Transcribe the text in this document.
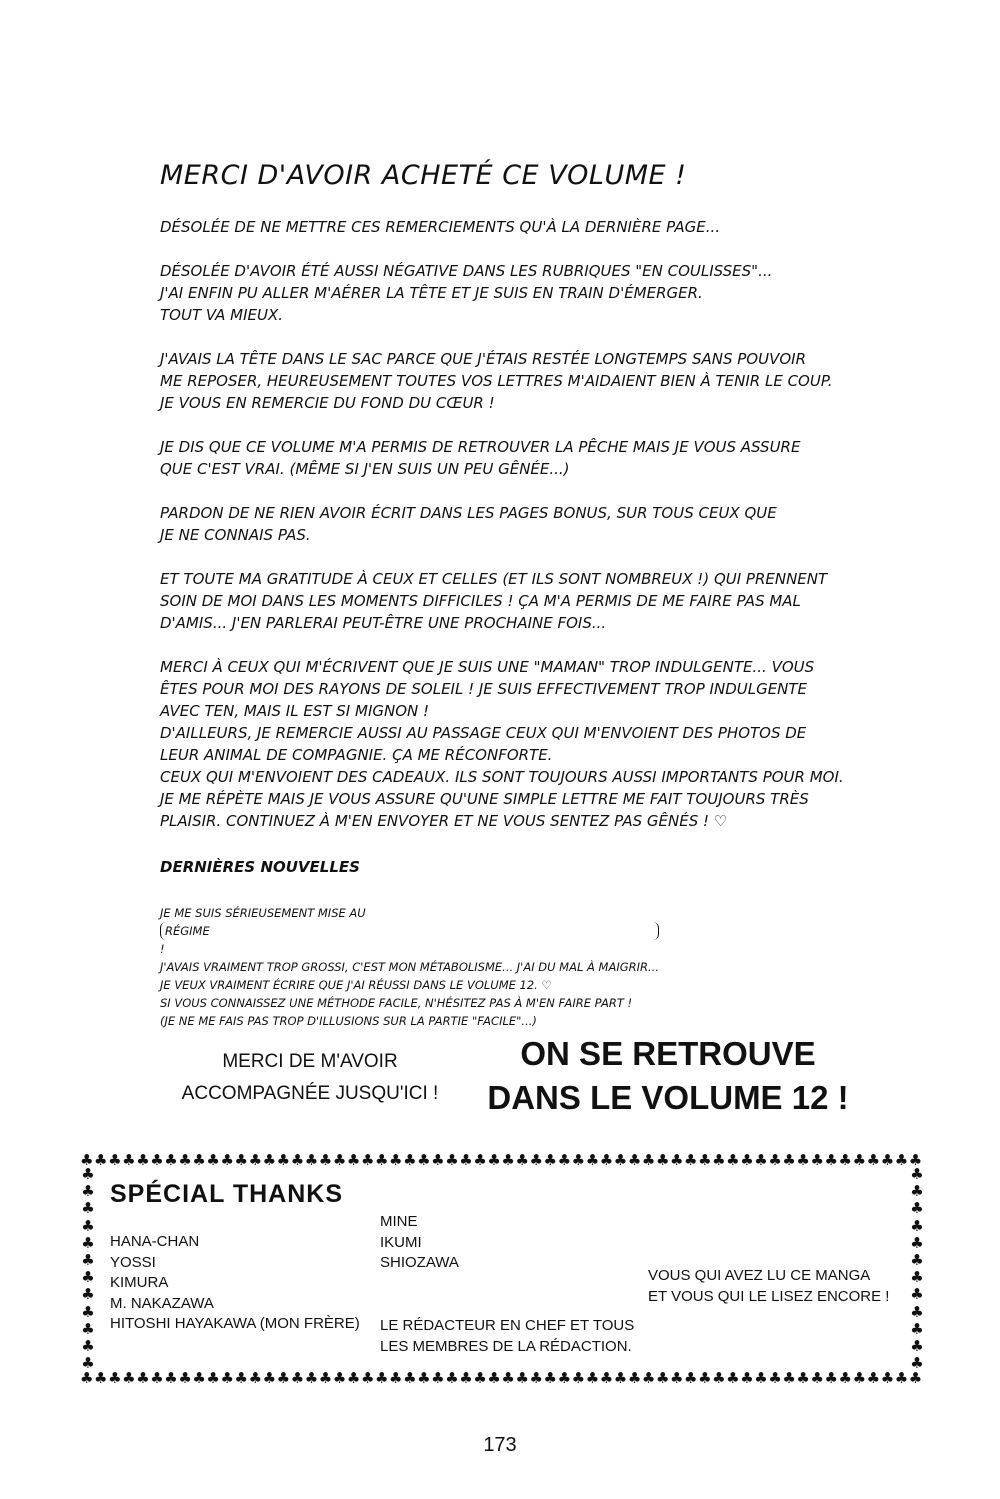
MERCI D'AVOIR ACHETÉ CE VOLUME !
DÉSOLÉE DE NE METTRE CES REMERCIEMENTS QU'À LA DERNIÈRE PAGE...
DÉSOLÉE D'AVOIR ÉTÉ AUSSI NÉGATIVE DANS LES RUBRIQUES "EN COULISSES"...
J'AI ENFIN PU ALLER M'AÉRER LA TÊTE ET JE SUIS EN TRAIN D'ÉMERGER.
TOUT VA MIEUX.
J'AVAIS LA TÊTE DANS LE SAC PARCE QUE J'ÉTAIS RESTÉE LONGTEMPS SANS POUVOIR
ME REPOSER, HEUREUSEMENT TOUTES VOS LETTRES M'AIDAIENT BIEN À TENIR LE COUP.
JE VOUS EN REMERCIE DU FOND DU CŒUR !
JE DIS QUE CE VOLUME M'A PERMIS DE RETROUVER LA PÊCHE MAIS JE VOUS ASSURE
QUE C'EST VRAI. (MÊME SI J'EN SUIS UN PEU GÊNÉE...)
PARDON DE NE RIEN AVOIR ÉCRIT DANS LES PAGES BONUS, SUR TOUS CEUX QUE
JE NE CONNAIS PAS.
ET TOUTE MA GRATITUDE À CEUX ET CELLES (ET ILS SONT NOMBREUX !) QUI PRENNENT
SOIN DE MOI DANS LES MOMENTS DIFFICILES ! ÇA M'A PERMIS DE ME FAIRE PAS MAL
D'AMIS... J'EN PARLERAI PEUT-ÊTRE UNE PROCHAINE FOIS...
MERCI À CEUX QUI M'ÉCRIVENT QUE JE SUIS UNE "MAMAN" TROP INDULGENTE... VOUS
ÊTES POUR MOI DES RAYONS DE SOLEIL ! JE SUIS EFFECTIVEMENT TROP INDULGENTE
AVEC TEN, MAIS IL EST SI MIGNON !
D'AILLEURS, JE REMERCIE AUSSI AU PASSAGE CEUX QUI M'ENVOIENT DES PHOTOS DE
LEUR ANIMAL DE COMPAGNIE. ÇA ME RÉCONFORTE.
CEUX QUI M'ENVOIENT DES CADEAUX. ILS SONT TOUJOURS AUSSI IMPORTANTS POUR MOI.
JE ME RÉPÈTE MAIS JE VOUS ASSURE QU'UNE SIMPLE LETTRE ME FAIT TOUJOURS TRÈS
PLAISIR. CONTINUEZ À M'EN ENVOYER ET NE VOUS SENTEZ PAS GÊNÉS ! ♡
DERNIÈRES NOUVELLES
JE ME SUIS SÉRIEUSEMENT MISE AU
RÉGIME
!
J'AVAIS VRAIMENT TROP GROSSI, C'EST MON MÉTABOLISME... J'AI DU MAL À MAIGRIR...
JE VEUX VRAIMENT ÉCRIRE QUE J'AI RÉUSSI DANS LE VOLUME 12. ♡
SI VOUS CONNAISSEZ UNE MÉTHODE FACILE, N'HÉSITEZ PAS À M'EN FAIRE PART !
(JE NE ME FAIS PAS TROP D'ILLUSIONS SUR LA PARTIE "FACILE"...)
MERCI DE M'AVOIR
ACCOMPAGNÉE JUSQU'ICI !
ON SE RETROUVE
DANS LE VOLUME 12 !
♣♣♣♣♣♣♣♣♣♣♣♣♣♣♣♣♣♣♣♣♣♣♣♣♣♣♣♣♣♣♣♣♣♣♣♣♣♣♣♣♣♣♣♣♣♣♣♣♣♣♣♣♣♣♣♣♣♣♣♣
♣♣♣♣♣♣♣♣♣♣♣♣♣♣♣♣♣♣♣♣♣♣♣♣♣♣♣♣♣♣♣♣♣♣♣♣♣♣♣♣♣♣♣♣♣♣♣♣♣♣♣♣♣♣♣♣♣♣♣♣
♣
♣
♣
♣
♣
♣
♣
♣
♣
♣
♣
♣
♣
♣
♣
♣
♣
♣
♣
♣
♣
♣
♣
♣
SPÉCIAL THANKS
HANA-CHAN
YOSSI
KIMURA
M. NAKAZAWA
HITOSHI HAYAKAWA (MON FRÈRE)
MINE
IKUMI
SHIOZAWA
LE RÉDACTEUR EN CHEF ET TOUS
LES MEMBRES DE LA RÉDACTION.
VOUS QUI AVEZ LU CE MANGA
ET VOUS QUI LE LISEZ ENCORE !
173
